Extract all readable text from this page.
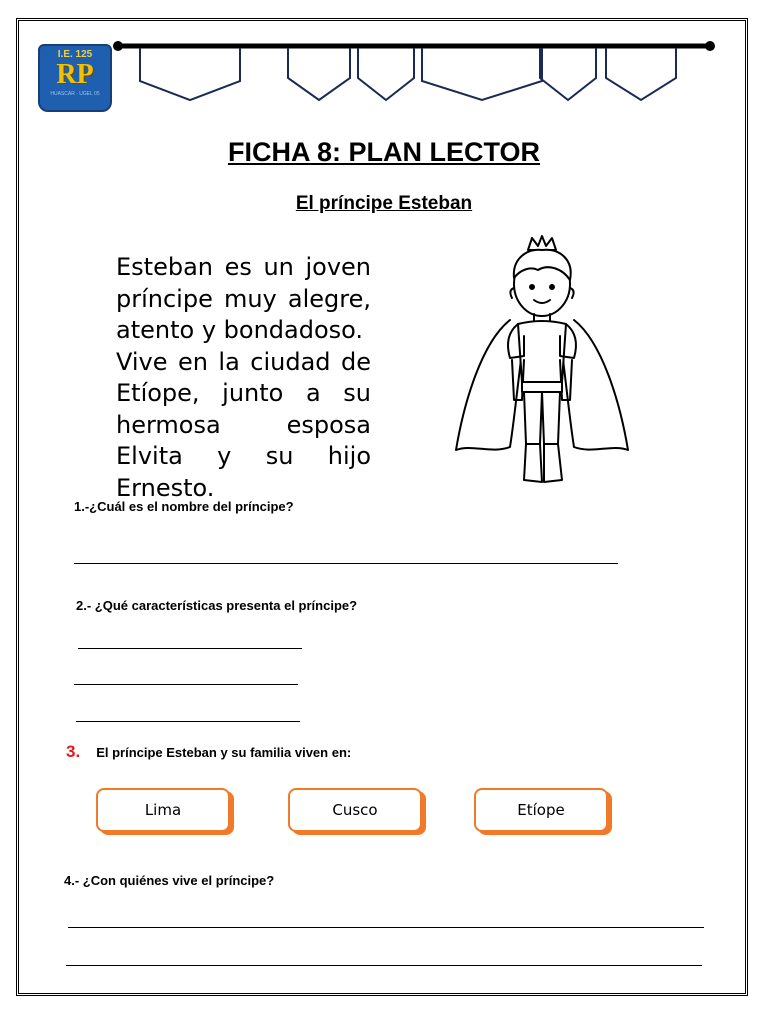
I.E. 125
RP
HUASCAR · UGEL 05
FICHA 8: PLAN LECTOR
El príncipe Esteban

Esteban es un joven príncipe muy alegre, atento y bondadoso.

Vive en la ciudad de Etíope, junto a su hermosa esposa Elvita y su hijo Ernesto.

1.-¿Cuál es el nombre del príncipe?
2.- ¿Qué características presenta el príncipe?
3. El príncipe Esteban y su familia viven en:
Lima	Cusco	Etíope
4.- ¿Con quiénes vive el príncipe?
